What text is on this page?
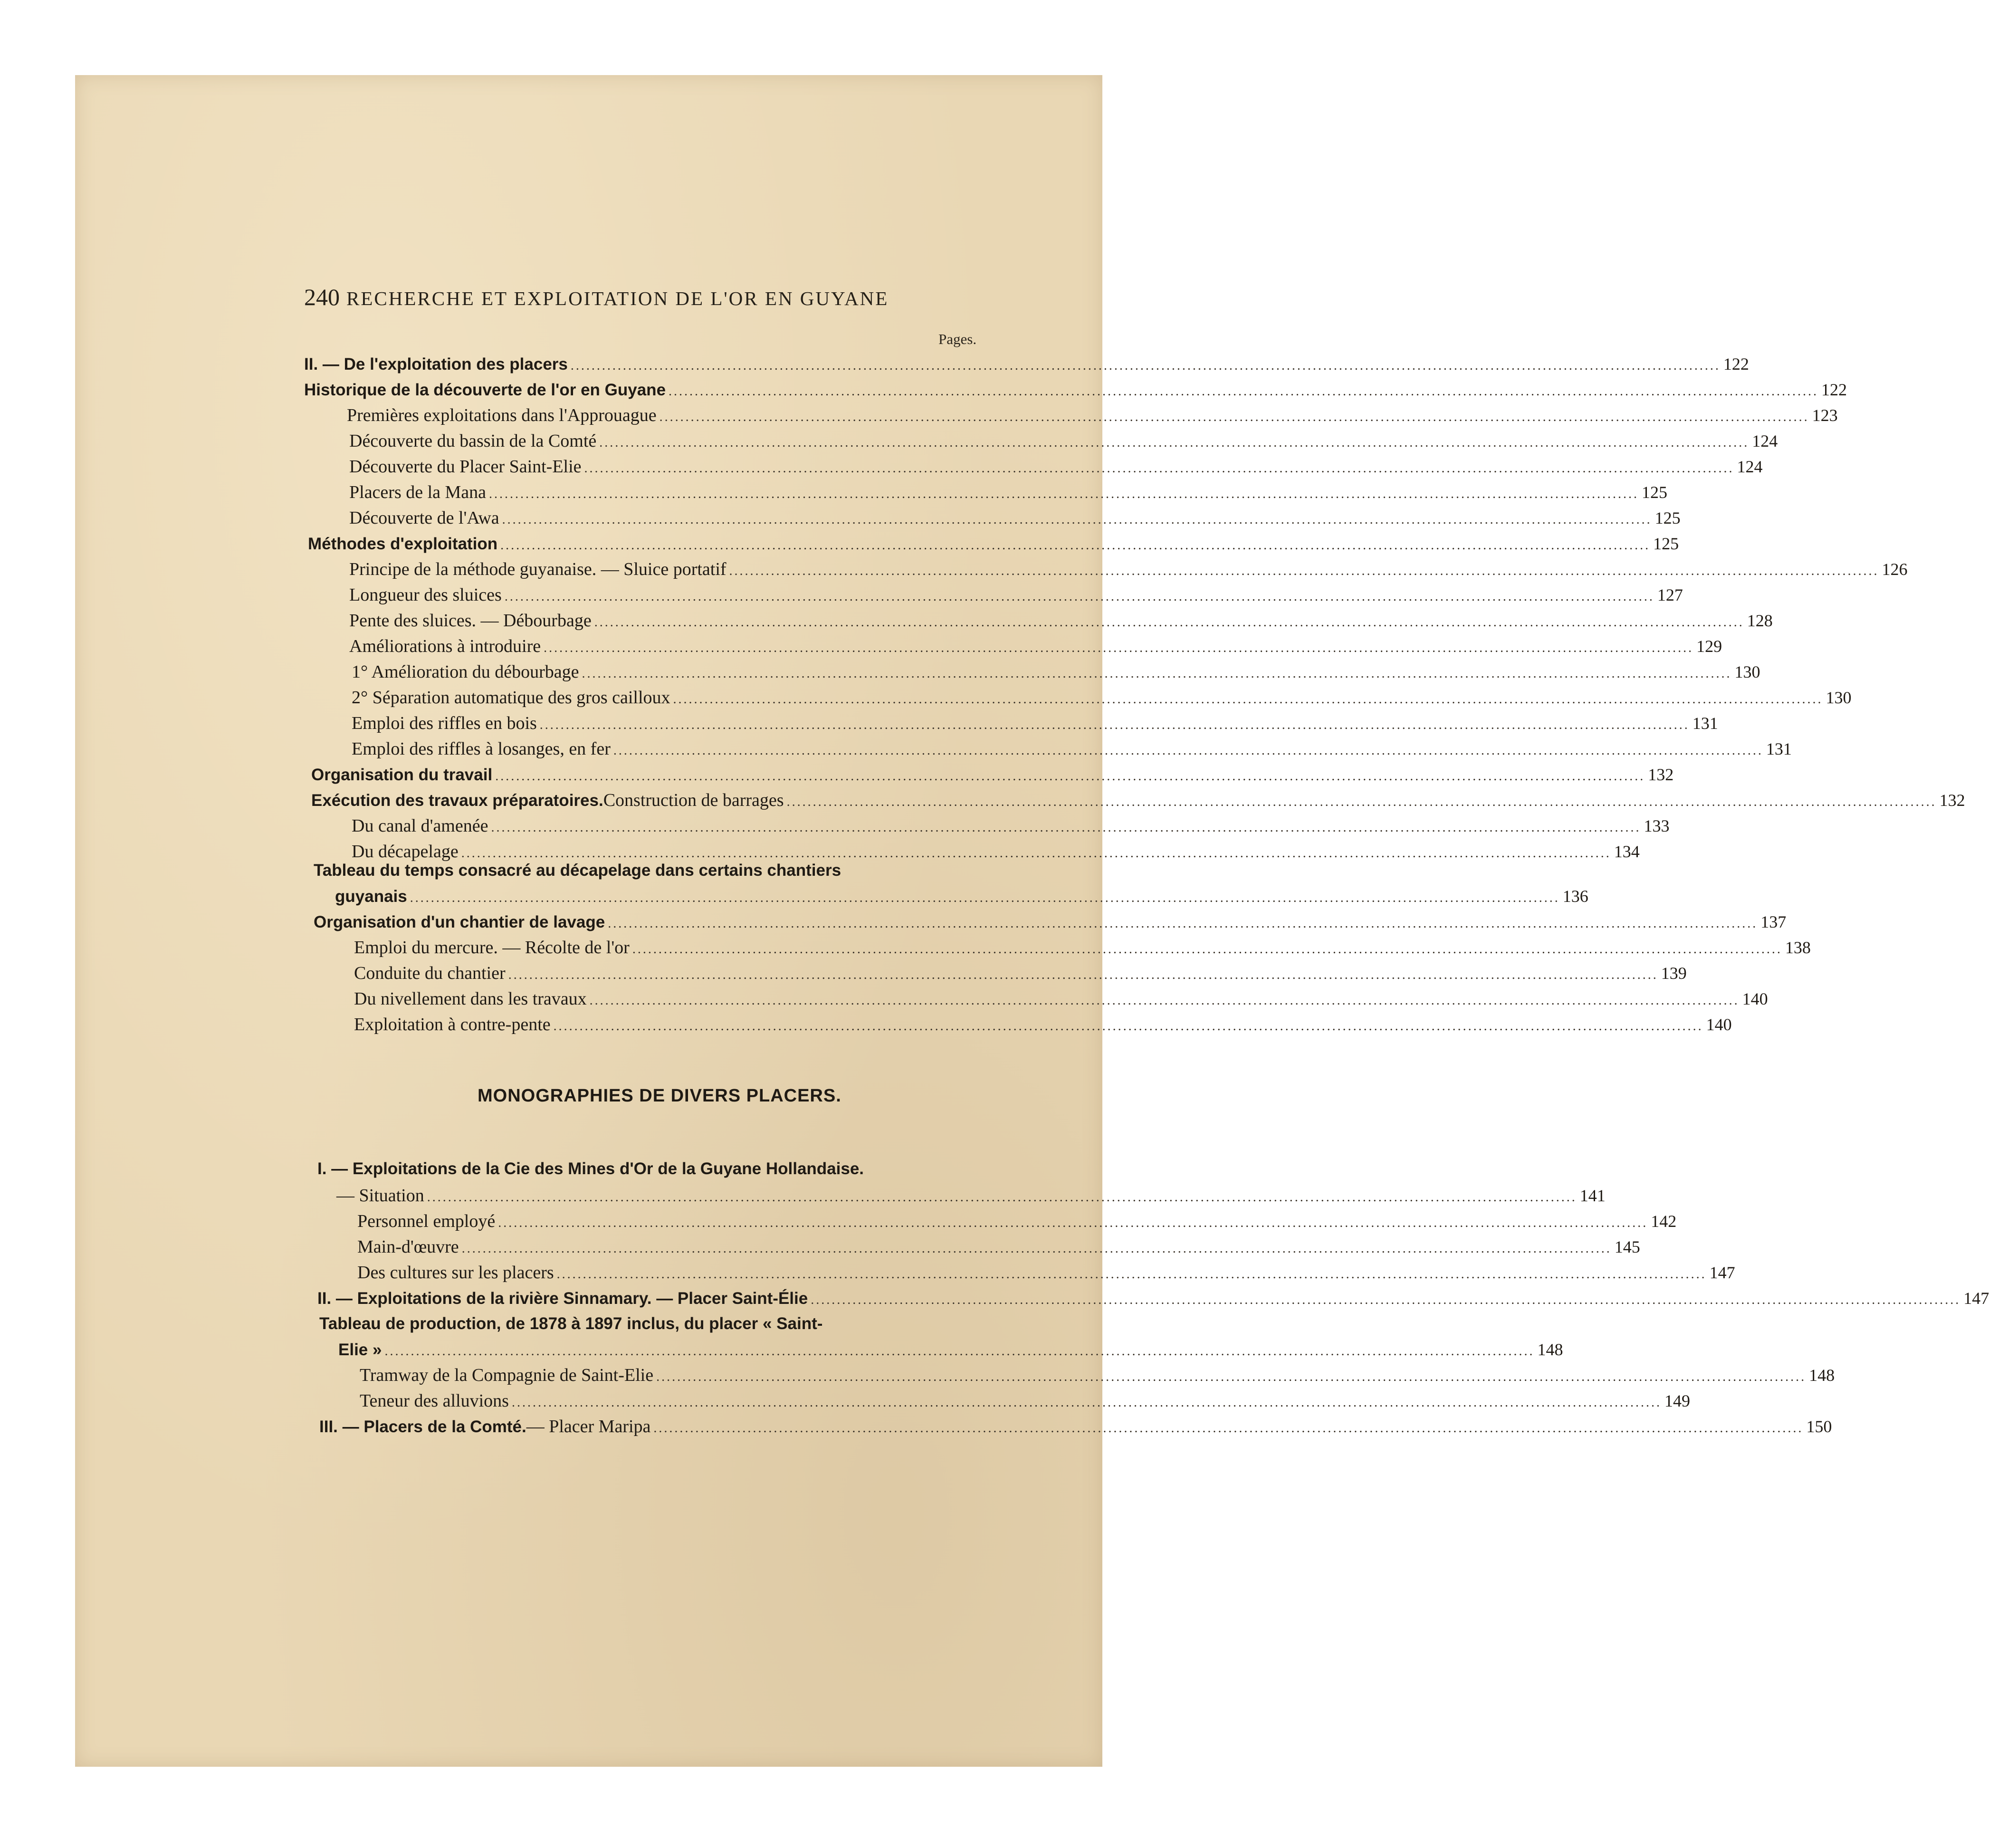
240 RECHERCHE ET EXPLOITATION DE L'OR EN GUYANE
Pages.
II. — De l'exploitation des placers ............................................................................................................................................................................................................................ 122
Historique de la découverte de l'or en Guyane ............................................................................................................................................................................................................................ 122
Premières exploitations dans l'Approuague ............................................................................................................................................................................................................................ 123
Découverte du bassin de la Comté ............................................................................................................................................................................................................................ 124
Découverte du Placer Saint-Elie ............................................................................................................................................................................................................................ 124
Placers de la Mana ............................................................................................................................................................................................................................ 125
Découverte de l'Awa ............................................................................................................................................................................................................................ 125
Méthodes d'exploitation ............................................................................................................................................................................................................................ 125
Principe de la méthode guyanaise. — Sluice portatif ............................................................................................................................................................................................................................ 126
Longueur des sluices ............................................................................................................................................................................................................................ 127
Pente des sluices. — Débourbage ............................................................................................................................................................................................................................ 128
Améliorations à introduire ............................................................................................................................................................................................................................ 129
1° Amélioration du débourbage ............................................................................................................................................................................................................................ 130
2° Séparation automatique des gros cailloux ............................................................................................................................................................................................................................ 130
Emploi des riffles en bois ............................................................................................................................................................................................................................ 131
Emploi des riffles à losanges, en fer ............................................................................................................................................................................................................................ 131
Organisation du travail ............................................................................................................................................................................................................................ 132
Exécution des travaux préparatoires. Construction de barrages ............................................................................................................................................................................................................................ 132
Du canal d'amenée ............................................................................................................................................................................................................................ 133
Du décapelage ............................................................................................................................................................................................................................ 134
Tableau du temps consacré au décapelage dans certains chantiers
guyanais ............................................................................................................................................................................................................................ 136
Organisation d'un chantier de lavage ............................................................................................................................................................................................................................ 137
Emploi du mercure. — Récolte de l'or ............................................................................................................................................................................................................................ 138
Conduite du chantier ............................................................................................................................................................................................................................ 139
Du nivellement dans les travaux ............................................................................................................................................................................................................................ 140
Exploitation à contre-pente ............................................................................................................................................................................................................................ 140
I. — Exploitations de la Cie des Mines d'Or de la Guyane Hollandaise.
— Situation ............................................................................................................................................................................................................................ 141
Personnel employé ............................................................................................................................................................................................................................ 142
Main-d'œuvre ............................................................................................................................................................................................................................ 145
Des cultures sur les placers ............................................................................................................................................................................................................................ 147
II. — Exploitations de la rivière Sinnamary. — Placer Saint-Élie ............................................................................................................................................................................................................................ 147
Tableau de production, de 1878 à 1897 inclus, du placer « Saint-
Elie » ............................................................................................................................................................................................................................ 148
Tramway de la Compagnie de Saint-Elie ............................................................................................................................................................................................................................ 148
Teneur des alluvions ............................................................................................................................................................................................................................ 149
III. — Placers de la Comté. — Placer Maripa ............................................................................................................................................................................................................................ 150
MONOGRAPHIES DE DIVERS PLACERS.
